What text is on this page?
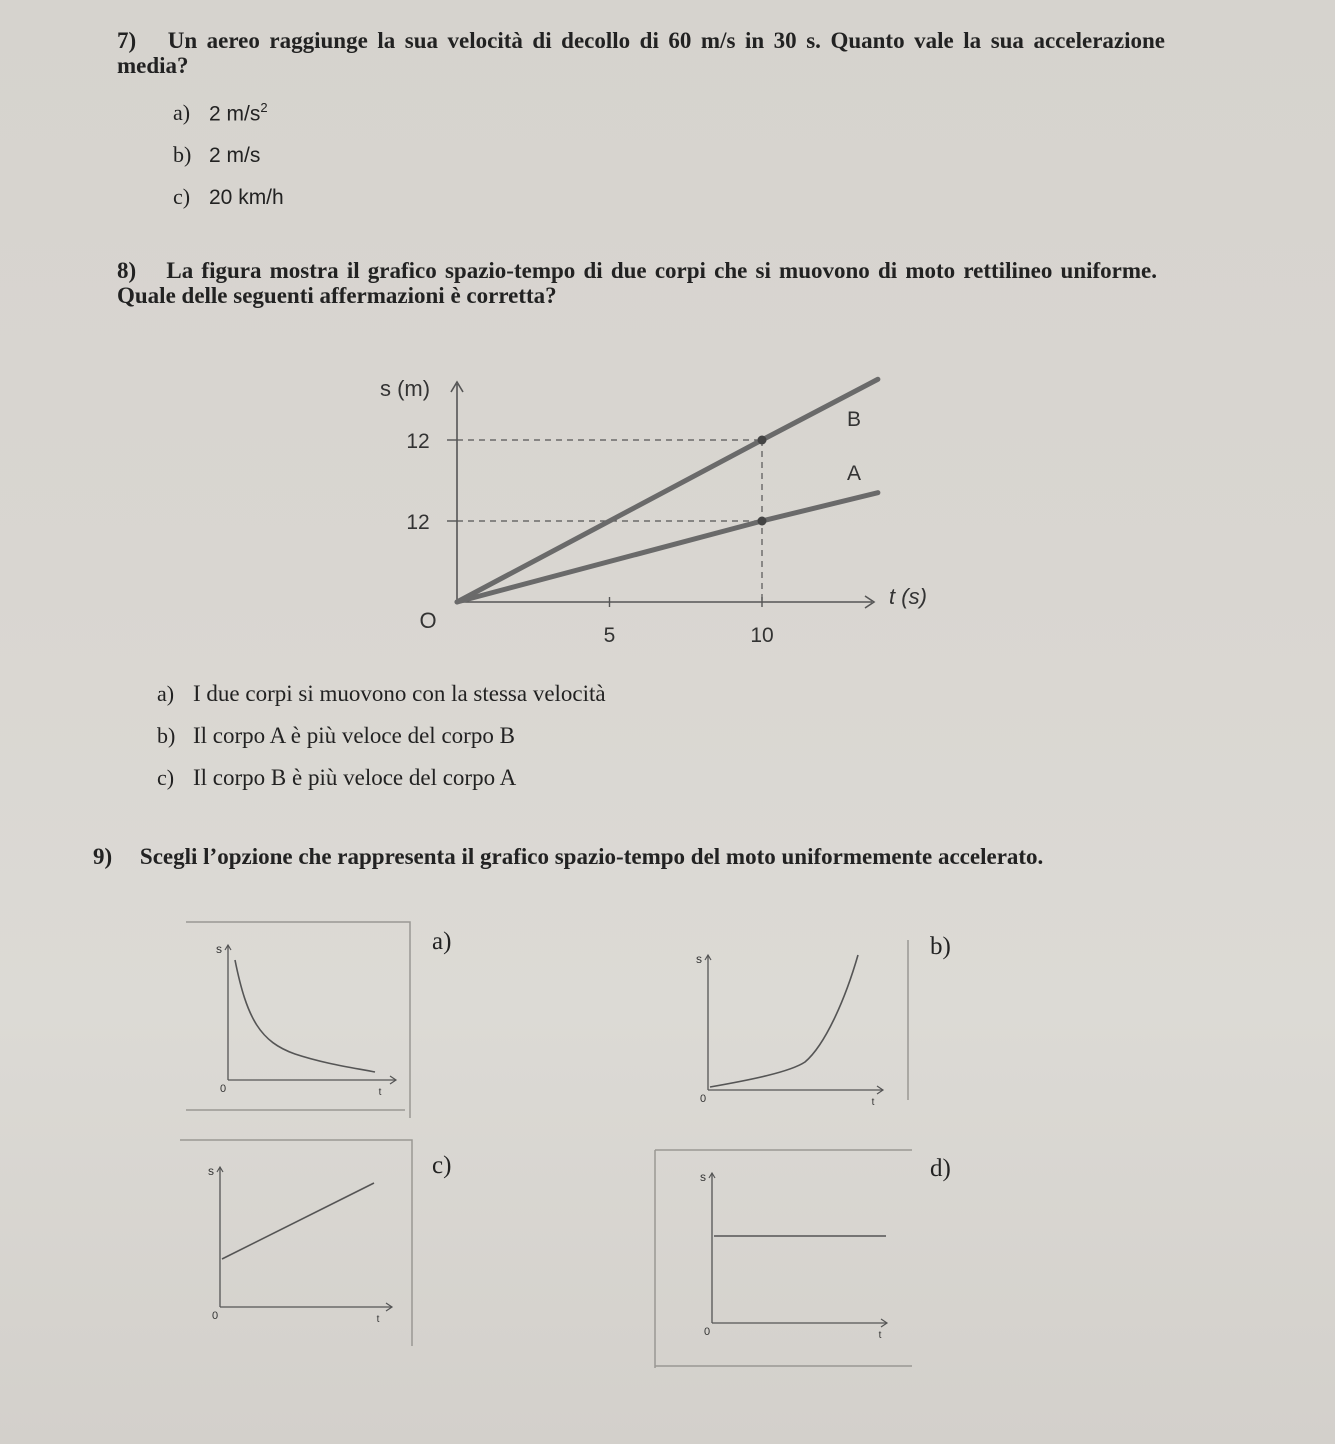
7) Un aereo raggiunge la sua velocità di decollo di 60 m/s in 30 s. Quanto vale la sua accelerazione media?
a) 2 $m/s^2$
b) 2 m/s
c) 20 km/h
8) La figura mostra il grafico spazio-tempo di due corpi che si muovono di moto rettilineo uniforme. Quale delle seguenti affermazioni è corretta?
t (s)
s (m)
O
5	10
12
12
B
A
a) I due corpi si muovono con la stessa velocità
b) Il corpo A è più veloce del corpo B
c) Il corpo B è più veloce del corpo A
9) Scegli l’opzione che rappresenta il grafico spazio-tempo del moto uniformemente accelerato.
s
t
0
a)
s
t
0
b)
s
t
0
c)	s
t
0
d)
